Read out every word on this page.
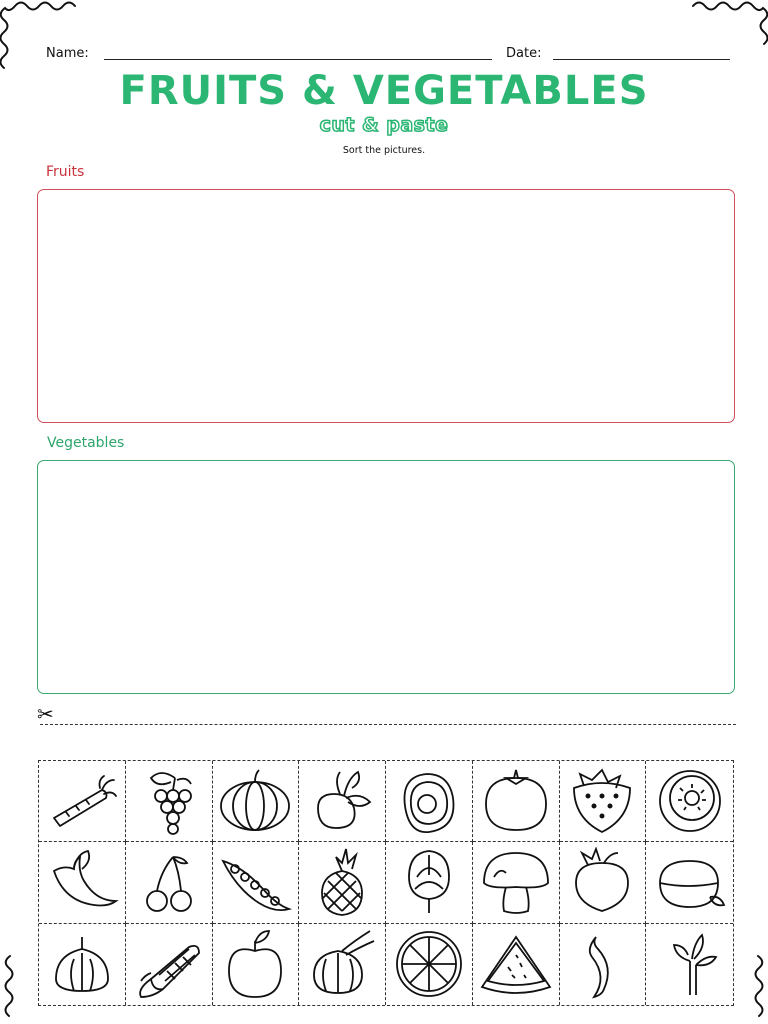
Name:	Date:
FRUITS & VEGETABLES
cut & paste
Sort the pictures.
Fruits
Vegetables
✂
